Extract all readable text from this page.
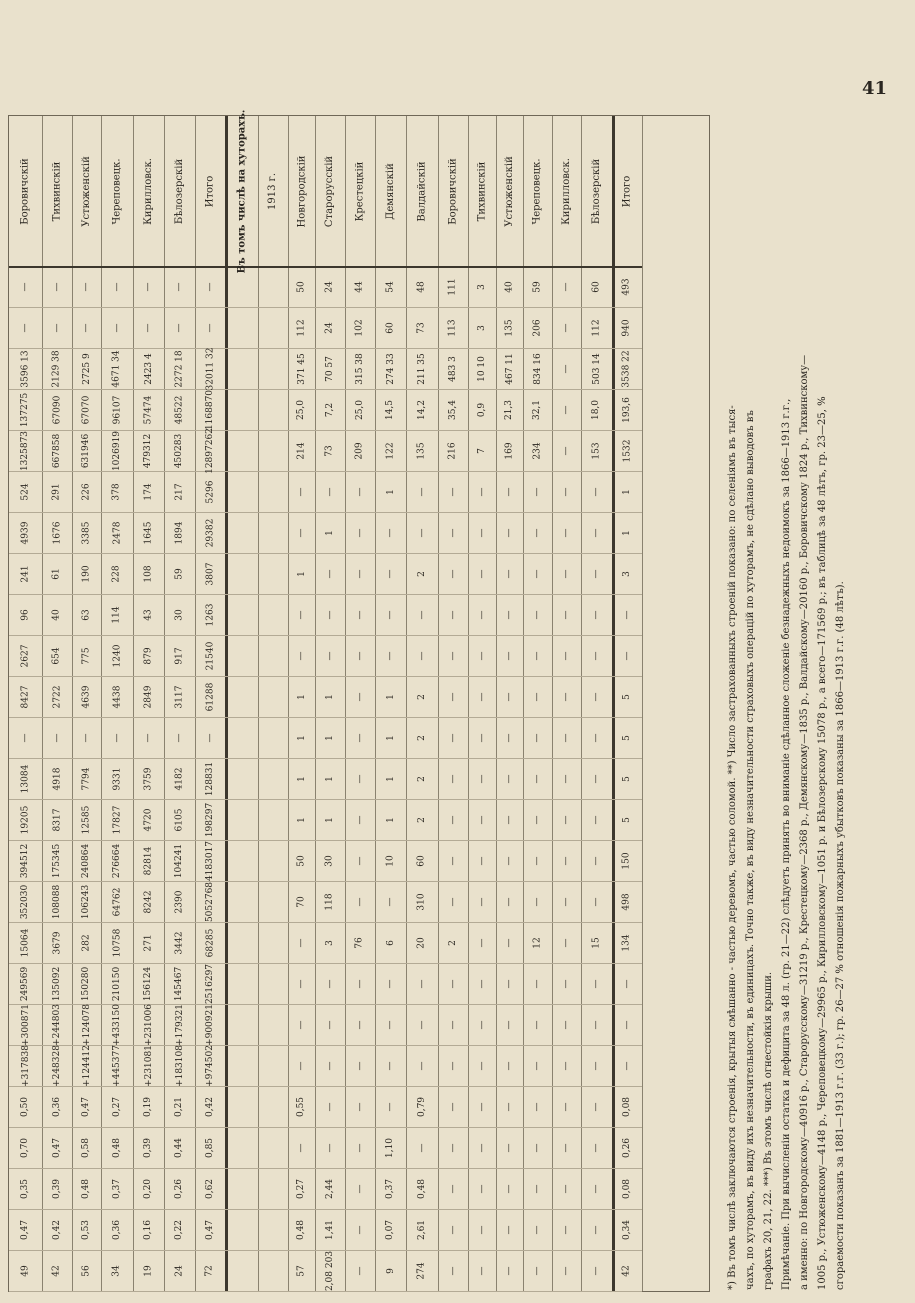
41
Боровичскій
—
—
3596 13
137275
1325873
524
4939
241
96
2627
8427
—
13084
19205
394512
352030
15064
249569
+300871
+317838
0,50
0,70
0,35
0,47
49
Тихвинскій
—
—
2129 38
67090
667858
291
1676
61
40
654
2722
—
4918
8317
175345
108088
3679
135092
+244803
+248328
0,36
0,47
0,39
0,42
42
Устюженскій
—
—
2725 9
67070
631946
226
3385
190
63
775
4639
—
7794
12585
240864
106243
282
150280
+124078
+124412
0,47
0,58
0,48
0,53
56
Череповецк.
—
—
4671 34
96107
1026919
378
2478
228
114
1240
4438
—
9331
17827
276664
64762
10758
210150
+433150
+445377
0,27
0,48
0,37
0,36
34
Кирилловск.
—
—
2423 4
57474
479312
174
1645
108
43
879
2849
—
3759
4720
82814
8242
271
156124
+231006
+231081
0,19
0,39
0,20
0,16
19
Бѣлозерскій
—
—
2272 18
48522
450283
217
1894
59
30
917
3117
—
4182
6105
104241
2390
3442
145467
+179321
+183108
0,21
0,44
0,26
0,22
24
Итого
—
—
32011 32
1168870
12897262
5296
29382
3807
1263
21540
61288
—
128831
198297
4183017
5052768
68285
2516297
+900921
+974502
0,42
0,85
0,62
0,47
72
Въ томъ числѣ на хуторахъ. 1913 г. Новгородскій
50
112
371 45
25,0
214
—
—
1
—
—
1
1
1
1
50
70
—
—
—
—
0,55
—
0,27
0,48
57
Старорусскій
24
24
70 57
7,2
73
—
1
—
—
—
1
1
1
1
30
118
3
—
—
—
—
—
2,44
1,41
2,08 203
Крестецкій
44
102
315 38
25,0
209
—
—
—
—
—
—
—
—
—
—
—
76
—
—
—
—
—
—
—
—
Демянскій
54
60
274 33
14,5
122
1
—
—
—
—
1
1
1
1
10
—
6
—
—
—
—
1,10
0,37
0,07
9
Валдайскій
48
73
211 35
14,2
135
—
—
2
—
—
2
2
2
2
60
310
20
—
—
—
0,79
—
0,48
2,61
274
Боровичскій
111
113
483 3
35,4
216
—
—
—
—
—
—
—
—
—
—
—
2
—
—
—
—
—
—
—
—
Тихвинскій
3
3
10 10
0,9
7
—
—
—
—
—
—
—
—
—
—
—
—
—
—
—
—
—
—
—
—
Устюженскій
40
135
467 11
21,3
169
—
—
—
—
—
—
—
—
—
—
—
—
—
—
—
—
—
—
—
—
Череповецк.
59
206
834 16
32,1
234
—
—
—
—
—
—
—
—
—
—
—
12
—
—
—
—
—
—
—
—
Кирилловск.
—
—
—
—
—
—
—
—
—
—
—
—
—
—
—
—
—
—
—
—
—
—
—
—
—
Бѣлозерскій
60
112
503 14
18,0
153
—
—
—
—
—
—
—
—
—
—
—
15
—
—
—
—
—
—
—
—
Итого
493
940
3538 22
193,6
1532
1
1
3
—
—
5
5
5
5
150
498
134
—
—
—
0,08
0,26
0,08
0,34
42	*) Въ томъ числѣ заключаются строенія, крытыя смѣшанно - частью деревомъ, частью соломой. **) Число застрахованныхъ строеній показано: по селеніямъ въ тыся- чахъ, по хуторамъ, въ виду ихъ незначительности, въ единицахъ. Точно также, въ виду незначительности страховыхъ операцій по хуторамъ, не сдѣлано выводовъ въ графахъ 20, 21, 22. ***) Въ этомъ числѣ огнестойкія крыши. Примѣчаніе. При вычисленіи остатка и дефицита за 48 л. (гр. 21—22) слѣдуетъ принять во вниманіе сдѣланное сложеніе безнадежныхъ недоимокъ за 1866—1913 г.г., а именно: по Новгородскому—40916 р., Старорусскому—31219 р., Крестецкому—2368 р., Демянскому—1835 р., Валдайскому—20160 р., Боровичскому 1824 р., Тихвинскому— 1005 р., Устюженскому—4148 р., Череповецкому—29965 р., Кирилловскому—1051 р. и Бѣлозерскому 15078 р., а всего—171569 р.; въ таблицѣ за 48 лѣтъ, гр. 23—25, % сгораемости показанъ за 1881—1913 г.г. (33 г.); гр. 26—27 % отношенія пожарныхъ убытковъ показаны за 1866—1913 г.г. (48 лѣтъ).
